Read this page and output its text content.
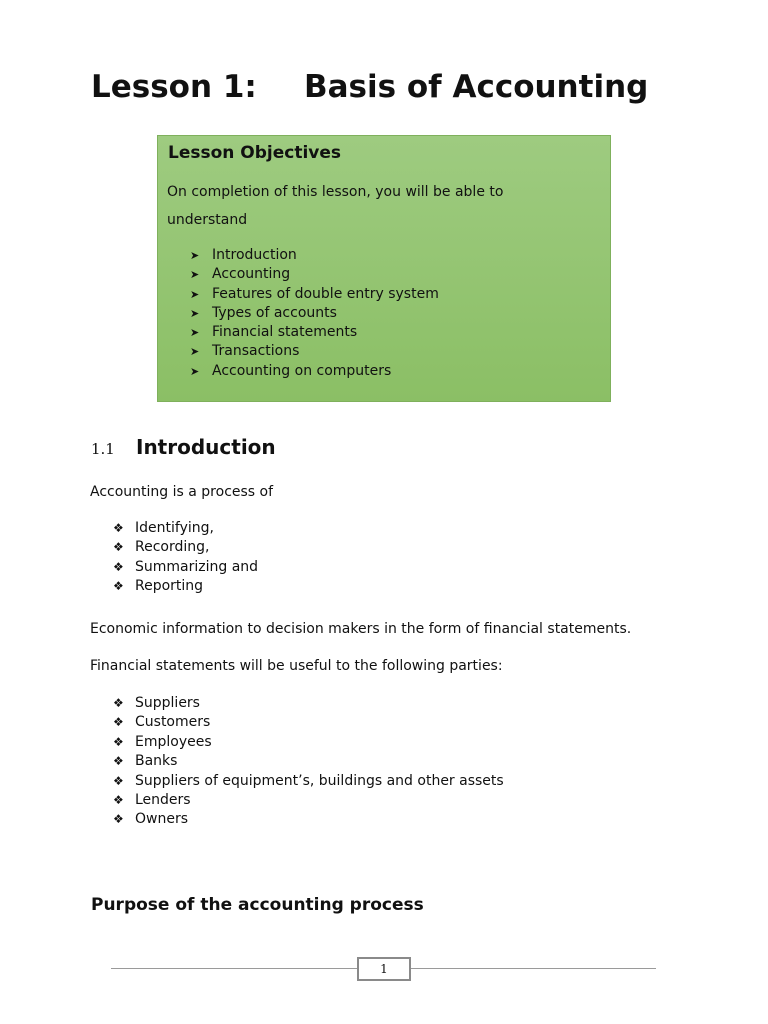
Lesson 1: Basis of Accounting
Lesson Objectives

On completion of this lesson, you will be able to understand

➤ Introduction
➤ Accounting
➤ Features of double entry system
➤ Types of accounts
➤ Financial statements
➤ Transactions
➤ Accounting on computers
1.1 Introduction

Accounting is a process of

❖ Identifying,
❖ Recording,
❖ Summarizing and
❖ Reporting

Economic information to decision makers in the form of financial statements.

Financial statements will be useful to the following parties:

❖ Suppliers
❖ Customers
❖ Employees
❖ Banks
❖ Suppliers of equipment’s, buildings and other assets
❖ Lenders
❖ Owners
Purpose of the accounting process
1
